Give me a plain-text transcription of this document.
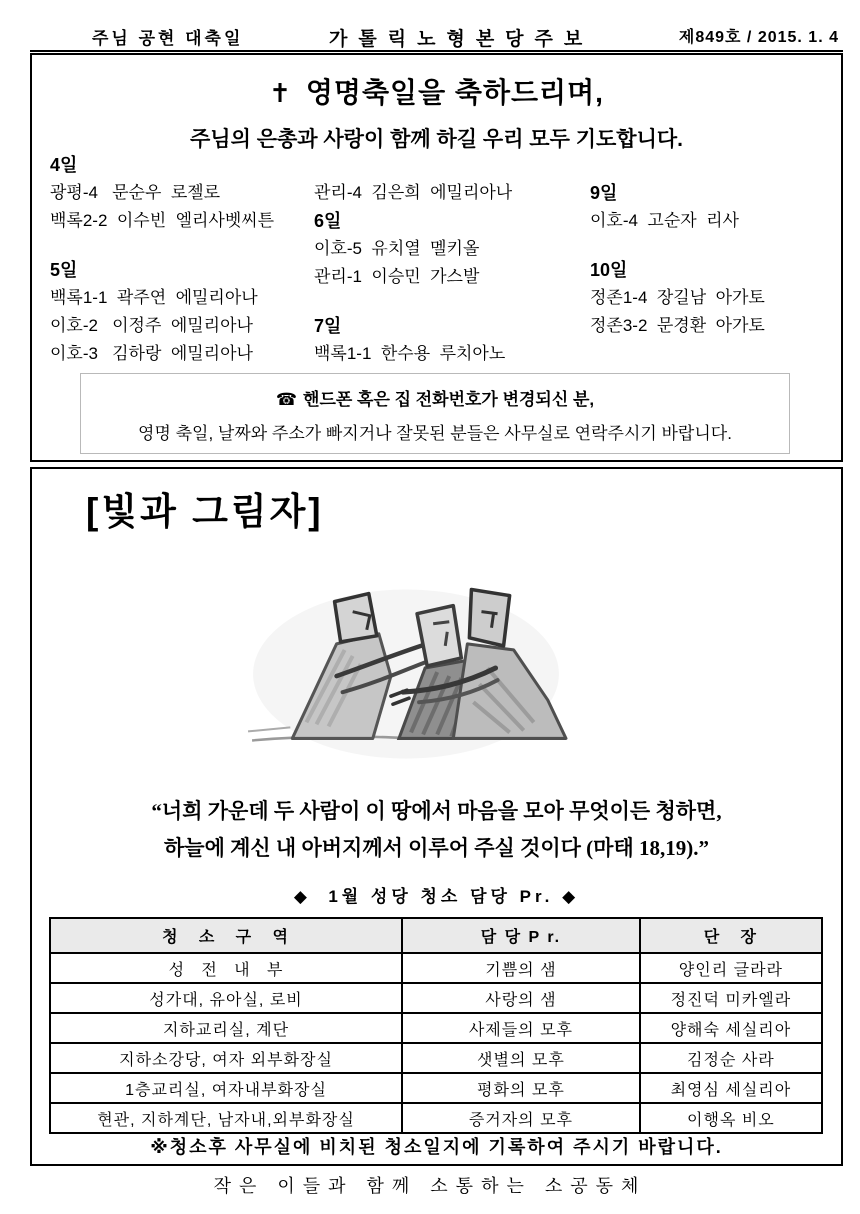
주님 공현 대축일	가톨릭노형본당주보	제849호 / 2015. 1. 4
✝ 영명축일을 축하드리며,
주님의 은총과 사랑이 함께 하길 우리 모두 기도합니다.
4일
광평-4   문순우  로젤로
백록2-2  이수빈  엘리사벳씨튼
5일
백록1-1  곽주연  에밀리아나
이호-2   이정주  에밀리아나
이호-3   김하랑  에밀리아나
관리-4  김은희  에밀리아나
6일
이호-5  유치열  멜키올
관리-1  이승민  가스발
7일
백록1-1  한수용  루치아노
9일
이호-4  고순자  리사
10일
정존1-4  장길남  아가토
정존3-2  문경환  아가토
☎ 핸드폰 혹은 집 전화번호가 변경되신 분,
영명 축일, 날짜와 주소가 빠지거나 잘못된 분들은 사무실로 연락주시기 바랍니다.
[빛과 그림자]
“너희 가운데 두 사람이 이 땅에서 마음을 모아 무엇이든 청하면,
하늘에 계신 내 아버지께서 이루어 주실 것이다 (마태 18,19).”
◆  1월 성당 청소 담당 Pr. ◆
청   소   구   역	담 당 P r.	단   장
성   전   내   부	기쁨의 샘	양인리 글라라
성가대, 유아실, 로비	사랑의 샘	정진덕 미카엘라
지하교리실, 계단	사제들의 모후	양해숙 세실리아
지하소강당, 여자 외부화장실	샛별의 모후	김정순 사라
1층교리실, 여자내부화장실	평화의 모후	최영심 세실리아
현관, 지하계단, 남자내,외부화장실	증거자의 모후	이행옥 비오
※청소후 사무실에 비치된 청소일지에 기록하여 주시기 바랍니다.
작은 이들과 함께 소통하는 소공동체
